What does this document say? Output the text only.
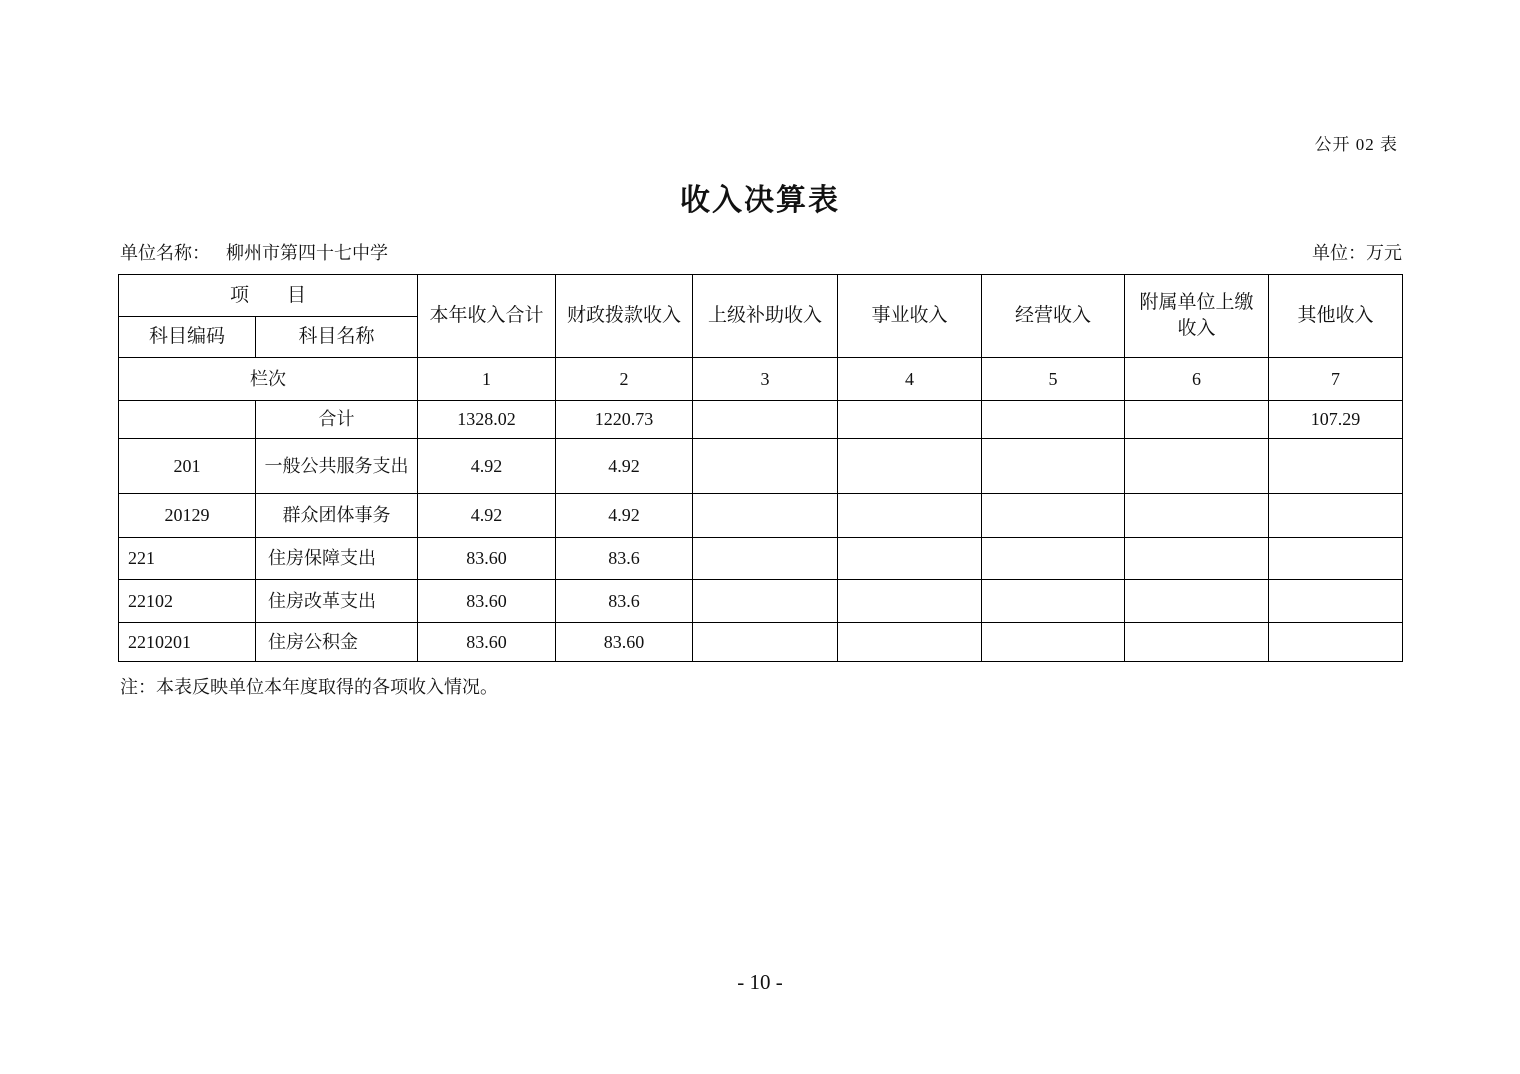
公开 02 表
收入决算表
单位名称： 柳州市第四十七中学	单位：万元
项　　目		本年收入合计	财政拨款收入	上级补助收入	事业收入	经营收入	附属单位上缴收入	其他收入
科目编码	科目名称							
栏次		1	2	3	4	5	6	7
	合计	1328.02	1220.73					107.29
201	一般公共服务支出	4.92	4.92					
20129	群众团体事务	4.92	4.92					
221	住房保障支出	83.60	83.6					
22102	住房改革支出	83.60	83.6					
2210201	住房公积金	83.60	83.60					
注：本表反映单位本年度取得的各项收入情况。
- 10 -
